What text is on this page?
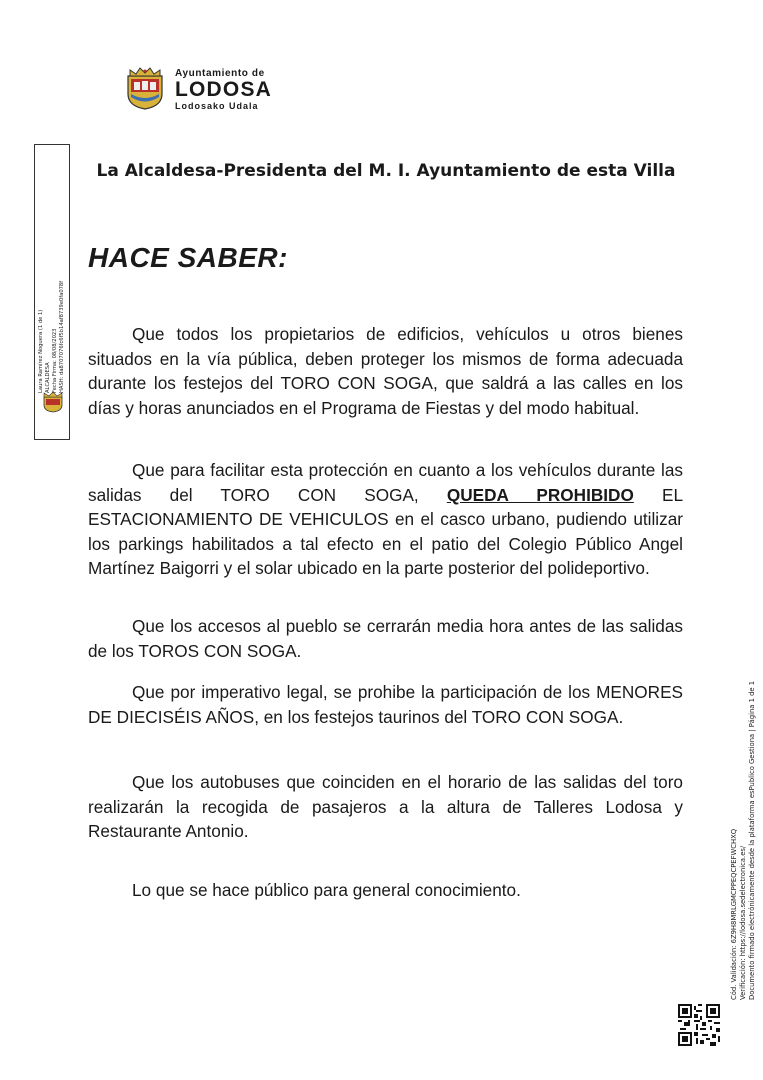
Ayuntamiento de
LODOSA
Lodosako Udala
Laura Ramírez Noguera (1 de 1) ALCALDESA Fecha Firma: 08/08/2023 HASH: da8707076fc6f5b14af8739e0fa078f
La Alcaldesa-Presidenta del M. I. Ayuntamiento de esta Villa
HACE SABER:
Que todos los propietarios de edificios, vehículos u otros bienes situados en la vía pública, deben proteger los mismos de forma adecuada durante los festejos del TORO CON SOGA, que saldrá a las calles en los días y horas anunciados en el Programa de Fiestas y del modo habitual.
Que para facilitar esta protección en cuanto a los vehículos durante las salidas del TORO CON SOGA, QUEDA PROHIBIDO EL ESTACIONAMIENTO DE VEHICULOS en el casco urbano, pudiendo utilizar los parkings habilitados a tal efecto en el patio del Colegio Público Angel Martínez Baigorri y el solar ubicado en la parte posterior del polideportivo.
Que los accesos al pueblo se cerrarán media hora antes de las salidas de los TOROS CON SOGA.
Que por imperativo legal, se prohibe la participación de los MENORES DE DIECISÉIS AÑOS, en los festejos taurinos del TORO CON SOGA.
Que los autobuses que coinciden en el horario de las salidas del toro realizarán la recogida de pasajeros a la altura de Talleres Lodosa y Restaurante Antonio.
Lo que se hace público para general conocimiento.	Cód. Validación: 6Z9H8MRLGMCPPEQCPEFWCHXQ Verificación: https://lodosa.sedelectronica.es/ Documento firmado electrónicamente desde la plataforma esPublico Gestiona | Página 1 de 1
